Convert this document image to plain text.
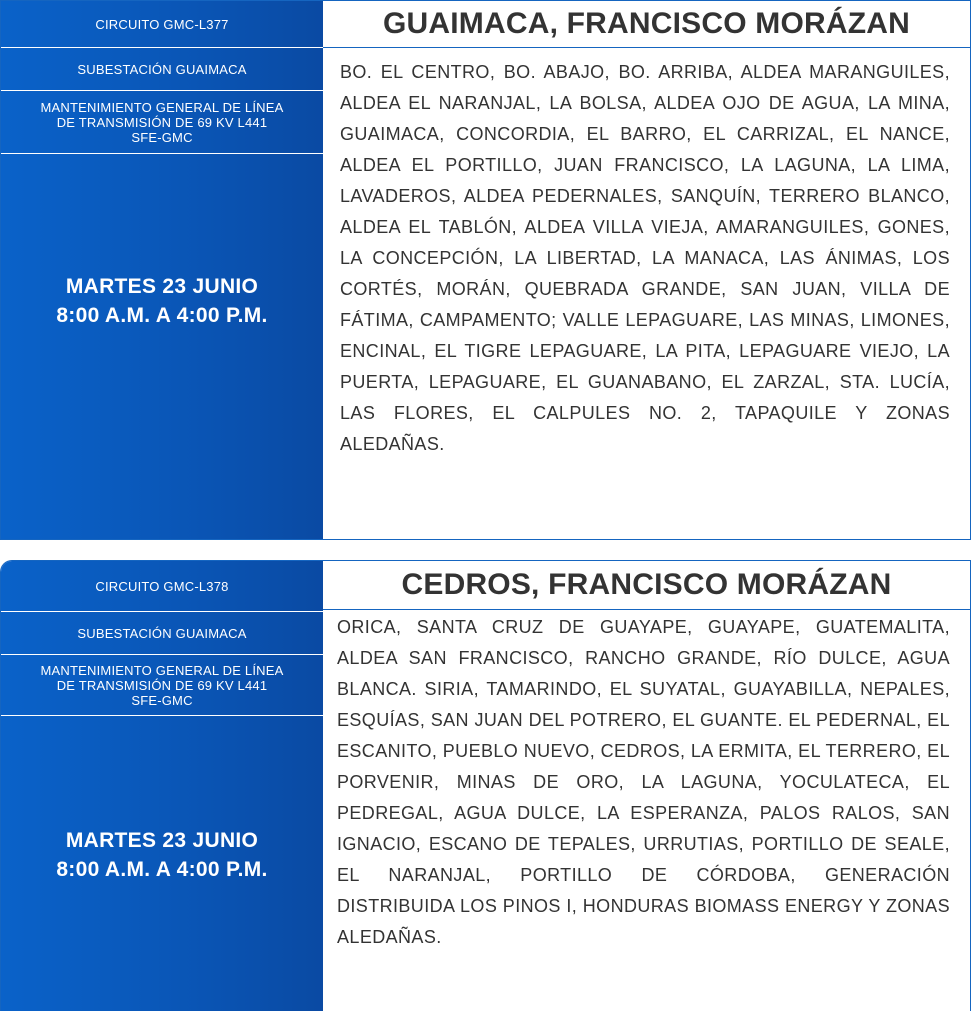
CIRCUITO GMC-L377
SUBESTACIÓN GUAIMACA
MANTENIMIENTO GENERAL DE LÍNEA
DE TRANSMISIÓN DE 69 KV L441
SFE-GMC
MARTES 23 JUNIO
8:00 A.M. A 4:00 P.M.
GUAIMACA, FRANCISCO MORÁZAN

BO. EL CENTRO, BO. ABAJO, BO. ARRIBA, ALDEA MARANGUILES, ALDEA EL NARANJAL, LA BOLSA, ALDEA OJO DE AGUA, LA MINA, GUAIMACA, CONCORDIA, EL BARRO, EL CARRIZAL, EL NANCE, ALDEA EL PORTILLO, JUAN FRANCISCO, LA LAGUNA, LA LIMA, LAVADEROS, ALDEA PEDERNALES, SANQUÍN, TERRERO BLANCO, ALDEA EL TABLÓN, ALDEA VILLA VIEJA, AMARANGUILES, GONES, LA CONCEPCIÓN, LA LIBERTAD, LA MANACA, LAS ÁNIMAS, LOS CORTÉS, MORÁN, QUEBRADA GRANDE, SAN JUAN, VILLA DE FÁTIMA, CAMPAMENTO; VALLE LEPAGUARE, LAS MINAS, LIMONES, ENCINAL, EL TIGRE LEPAGUARE, LA PITA, LEPAGUARE VIEJO, LA PUERTA, LEPAGUARE, EL GUANABANO, EL ZARZAL, STA. LUCÍA, LAS FLORES, EL CALPULES NO. 2, TAPAQUILE Y ZONAS ALEDAÑAS.

CIRCUITO GMC-L378
SUBESTACIÓN GUAIMACA
MANTENIMIENTO GENERAL DE LÍNEA
DE TRANSMISIÓN DE 69 KV L441
SFE-GMC
MARTES 23 JUNIO
8:00 A.M. A 4:00 P.M.
CEDROS, FRANCISCO MORÁZAN

ORICA, SANTA CRUZ DE GUAYAPE, GUAYAPE, GUATEMALITA, ALDEA SAN FRANCISCO, RANCHO GRANDE, RÍO DULCE, AGUA BLANCA. SIRIA, TAMARINDO, EL SUYATAL, GUAYABILLA, NEPALES, ESQUÍAS, SAN JUAN DEL POTRERO, EL GUANTE. EL PEDERNAL, EL ESCANITO, PUEBLO NUEVO, CEDROS, LA ERMITA, EL TERRERO, EL PORVENIR, MINAS DE ORO, LA LAGUNA, YOCULATECA, EL PEDREGAL, AGUA DULCE, LA ESPERANZA, PALOS RALOS, SAN IGNACIO, ESCANO DE TEPALES, URRUTIAS, PORTILLO DE SEALE, EL NARANJAL, PORTILLO DE CÓRDOBA, GENERACIÓN DISTRIBUIDA LOS PINOS I, HONDURAS BIOMASS ENERGY Y ZONAS ALEDAÑAS.
